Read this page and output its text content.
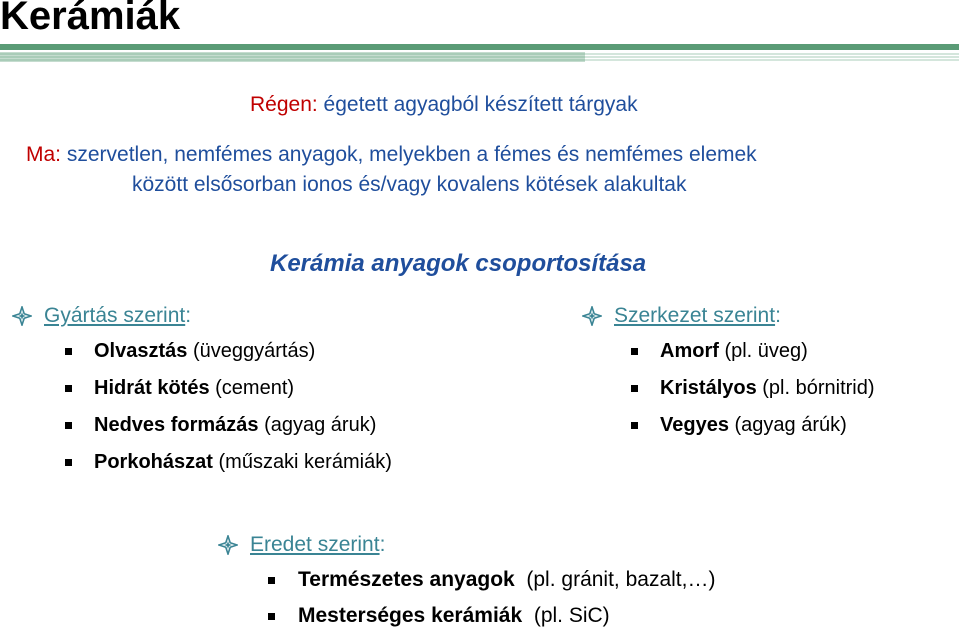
Kerámiák
Régen: égetett agyagból készített tárgyak
Ma: szervetlen, nemfémes anyagok, melyekben a fémes és nemfémes elemek
között elsősorban ionos és/vagy kovalens kötések alakultak
Kerámia anyagok csoportosítása
Gyártás szerint :
Olvasztás (üveggyártás)
Hidrát kötés (cement)
Nedves formázás (agyag áruk)
Porkohászat (műszaki kerámiák)
Szerkezet szerint :
Amorf (pl. üveg)
Kristályos (pl. bórnitrid)
Vegyes (agyag árúk)
Eredet szerint :
Természetes anyagok (pl. gránit, bazalt,…)
Mesterséges kerámiák (pl. SiC)
